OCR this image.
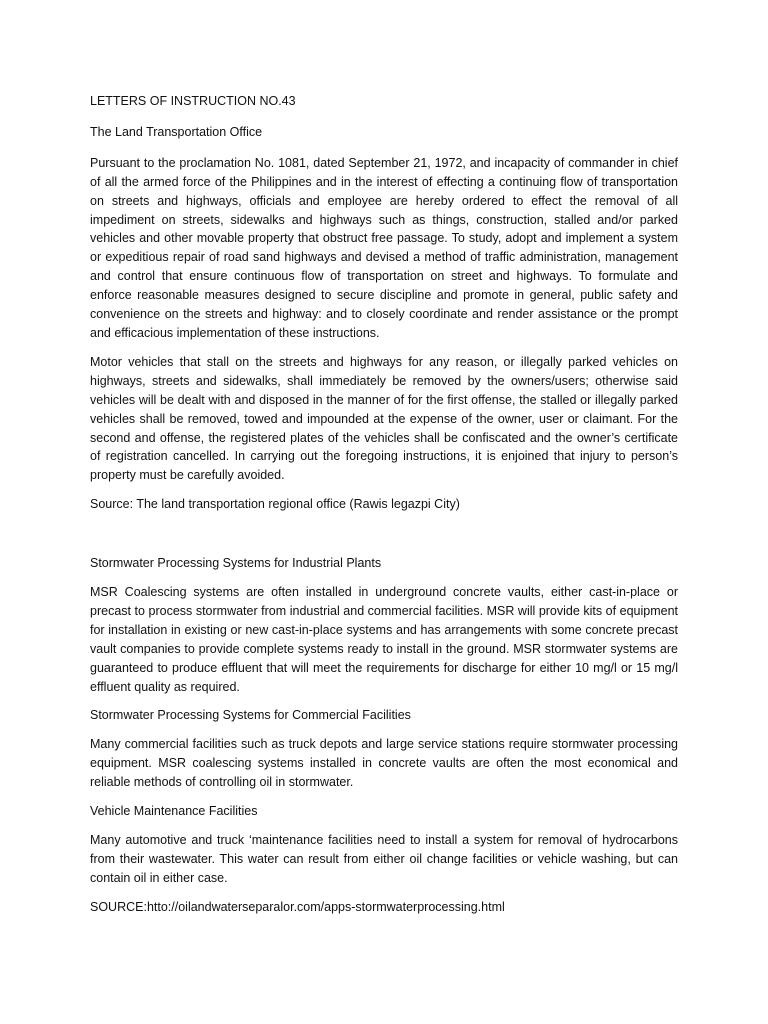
LETTERS OF INSTRUCTION NO.43
The Land Transportation Office
Pursuant to the proclamation No. 1081, dated September 21, 1972, and incapacity of commander in chief of all the armed force of the Philippines and in the interest of effecting a continuing flow of transportation on streets and highways, officials and employee are hereby ordered to effect the removal of all impediment on streets, sidewalks and highways such as things, construction, stalled and/or parked vehicles and other movable property that obstruct free passage. To study, adopt and implement a system or expeditious repair of road sand highways and devised a method of traffic administration, management and control that ensure continuous flow of transportation on street and highways. To formulate and enforce reasonable measures designed to secure discipline and promote in general, public safety and convenience on the streets and highway: and to closely coordinate and render assistance or the prompt and efficacious implementation of these instructions.
Motor vehicles that stall on the streets and highways for any reason, or illegally parked vehicles on highways, streets and sidewalks, shall immediately be removed by the owners/users; otherwise said vehicles will be dealt with and disposed in the manner of for the first offense, the stalled or illegally parked vehicles shall be removed, towed and impounded at the expense of the owner, user or claimant. For the second and offense, the registered plates of the vehicles shall be confiscated and the owner’s certificate of registration cancelled. In carrying out the foregoing instructions, it is enjoined that injury to person’s property must be carefully avoided.
Source: The land transportation regional office (Rawis legazpi City)
Stormwater Processing Systems for Industrial Plants
MSR Coalescing systems are often installed in underground concrete vaults, either cast-in-place or precast to process stormwater from industrial and commercial facilities. MSR will provide kits of equipment for installation in existing or new cast-in-place systems and has arrangements with some concrete precast vault companies to provide complete systems ready to install in the ground. MSR stormwater systems are guaranteed to produce effluent that will meet the requirements for discharge for either 10 mg/l or 15 mg/l effluent quality as required.
Stormwater Processing Systems for Commercial Facilities
Many commercial facilities such as truck depots and large service stations require stormwater processing equipment. MSR coalescing systems installed in concrete vaults are often the most economical and reliable methods of controlling oil in stormwater.
Vehicle Maintenance Facilities
Many automotive and truck ‘maintenance facilities need to install a system for removal of hydrocarbons from their wastewater. This water can result from either oil change facilities or vehicle washing, but can contain oil in either case.
SOURCE:htto://oilandwaterseparalor.com/apps-stormwaterprocessing.html
